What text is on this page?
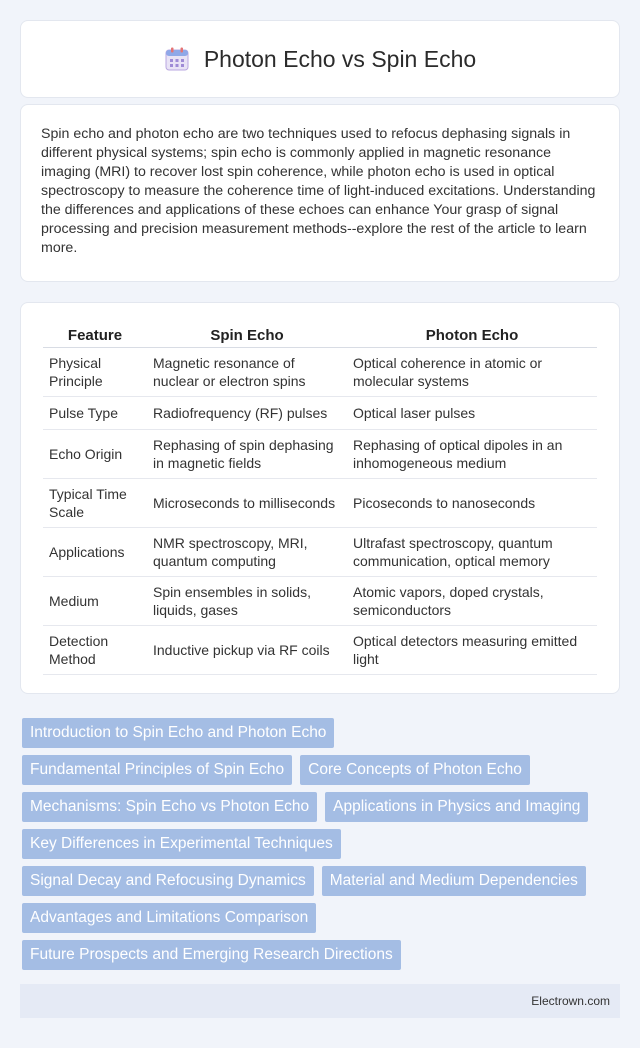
Photon Echo vs Spin Echo

Spin echo and photon echo are two techniques used to refocus dephasing signals in different physical systems; spin echo is commonly applied in magnetic resonance imaging (MRI) to recover lost spin coherence, while photon echo is used in optical spectroscopy to measure the coherence time of light-induced excitations. Understanding the differences and applications of these echoes can enhance Your grasp of signal processing and precision measurement methods--explore the rest of the article to learn more.

Feature	Spin Echo	Photon Echo
Physical Principle	Magnetic resonance of nuclear or electron spins	Optical coherence in atomic or molecular systems
Pulse Type	Radiofrequency (RF) pulses	Optical laser pulses
Echo Origin	Rephasing of spin dephasing in magnetic fields	Rephasing of optical dipoles in an inhomogeneous medium
Typical Time Scale	Microseconds to milliseconds	Picoseconds to nanoseconds
Applications	NMR spectroscopy, MRI, quantum computing	Ultrafast spectroscopy, quantum communication, optical memory
Medium	Spin ensembles in solids, liquids, gases	Atomic vapors, doped crystals, semiconductors
Detection Method	Inductive pickup via RF coils	Optical detectors measuring emitted light
Introduction to Spin Echo and Photon Echo
Fundamental Principles of Spin Echo	Core Concepts of Photon Echo
Mechanisms: Spin Echo vs Photon Echo	Applications in Physics and Imaging
Key Differences in Experimental Techniques
Signal Decay and Refocusing Dynamics	Material and Medium Dependencies
Advantages and Limitations Comparison
Future Prospects and Emerging Research Directions
Electrown.com
